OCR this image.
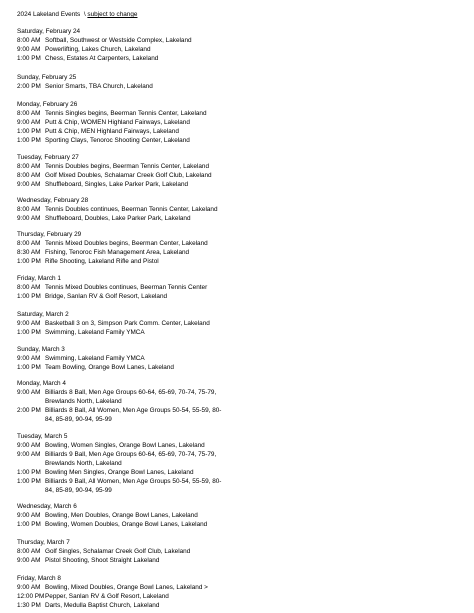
2024 Lakeland Events \ subject to change
Saturday, February 24
8:00 AM Softball, Southwest or Westside Complex, Lakeland
9:00 AM Powerlifting, Lakes Church, Lakeland
1:00 PM Chess, Estates At Carpenters, Lakeland
Sunday, February 25
2:00 PM Senior Smarts, TBA Church, Lakeland
Monday, February 26
8:00 AM Tennis Singles begins, Beerman Tennis Center, Lakeland
9:00 AM Putt & Chip, WOMEN Highland Fairways, Lakeland
1:00 PM Putt & Chip, MEN Highland Fairways, Lakeland
1:00 PM Sporting Clays, Tenoroc Shooting Center, Lakeland
Tuesday, February 27
8:00 AM Tennis Doubles begins, Beerman Tennis Center, Lakeland
8:00 AM Golf Mixed Doubles, Schalamar Creek Golf Club, Lakeland
9:00 AM Shuffleboard, Singles, Lake Parker Park, Lakeland
Wednesday, February 28
8:00 AM Tennis Doubles continues, Beerman Tennis Center, Lakeland
9:00 AM Shuffleboard, Doubles, Lake Parker Park, Lakeland
Thursday, February 29
8:00 AM Tennis Mixed Doubles begins, Beerman Center, Lakeland
8:30 AM Fishing, Tenoroc Fish Management Area, Lakeland
1:00 PM Rifle Shooting, Lakeland Rifle and Pistol
Friday, March 1
8:00 AM Tennis Mixed Doubles continues, Beerman Tennis Center
1:00 PM Bridge, Sanlan RV & Golf Resort, Lakeland
Saturday, March 2
9:00 AM Basketball 3 on 3, Simpson Park Comm. Center, Lakeland
1:00 PM Swimming, Lakeland Family YMCA
Sunday, March 3
9:00 AM Swimming, Lakeland Family YMCA
1:00 PM Team Bowling, Orange Bowl Lanes, Lakeland
Monday, March 4
9:00 AM Billiards 8 Ball, Men Age Groups 60-64, 65-69, 70-74, 75-79, Brewlands North, Lakeland
2:00 PM Billiards 8 Ball, All Women, Men Age Groups 50-54, 55-59, 80-84, 85-89, 90-94, 95-99
Tuesday, March 5
9:00 AM Bowling, Women Singles, Orange Bowl Lanes, Lakeland
9:00 AM Billiards 9 Ball, Men Age Groups 60-64, 65-69, 70-74, 75-79, Brewlands North, Lakeland
1:00 PM Bowling Men Singles, Orange Bowl Lanes, Lakeland
1:00 PM Billiards 9 Ball, All Women, Men Age Groups 50-54, 55-59, 80-84, 85-89, 90-94, 95-99
Wednesday, March 6
9:00 AM Bowling, Men Doubles, Orange Bowl Lanes, Lakeland
1:00 PM Bowling, Women Doubles, Orange Bowl Lanes, Lakeland
Thursday, March 7
8:00 AM Golf Singles, Schalamar Creek Golf Club, Lakeland
9:00 AM Pistol Shooting, Shoot Straight Lakeland
Friday, March 8
9:00 AM Bowling, Mixed Doubles, Orange Bowl Lanes, Lakeland >
12:00 PM Pepper, Sanlan RV & Golf Resort, Lakeland
1:30 PM Darts, Medulla Baptist Church, Lakeland
